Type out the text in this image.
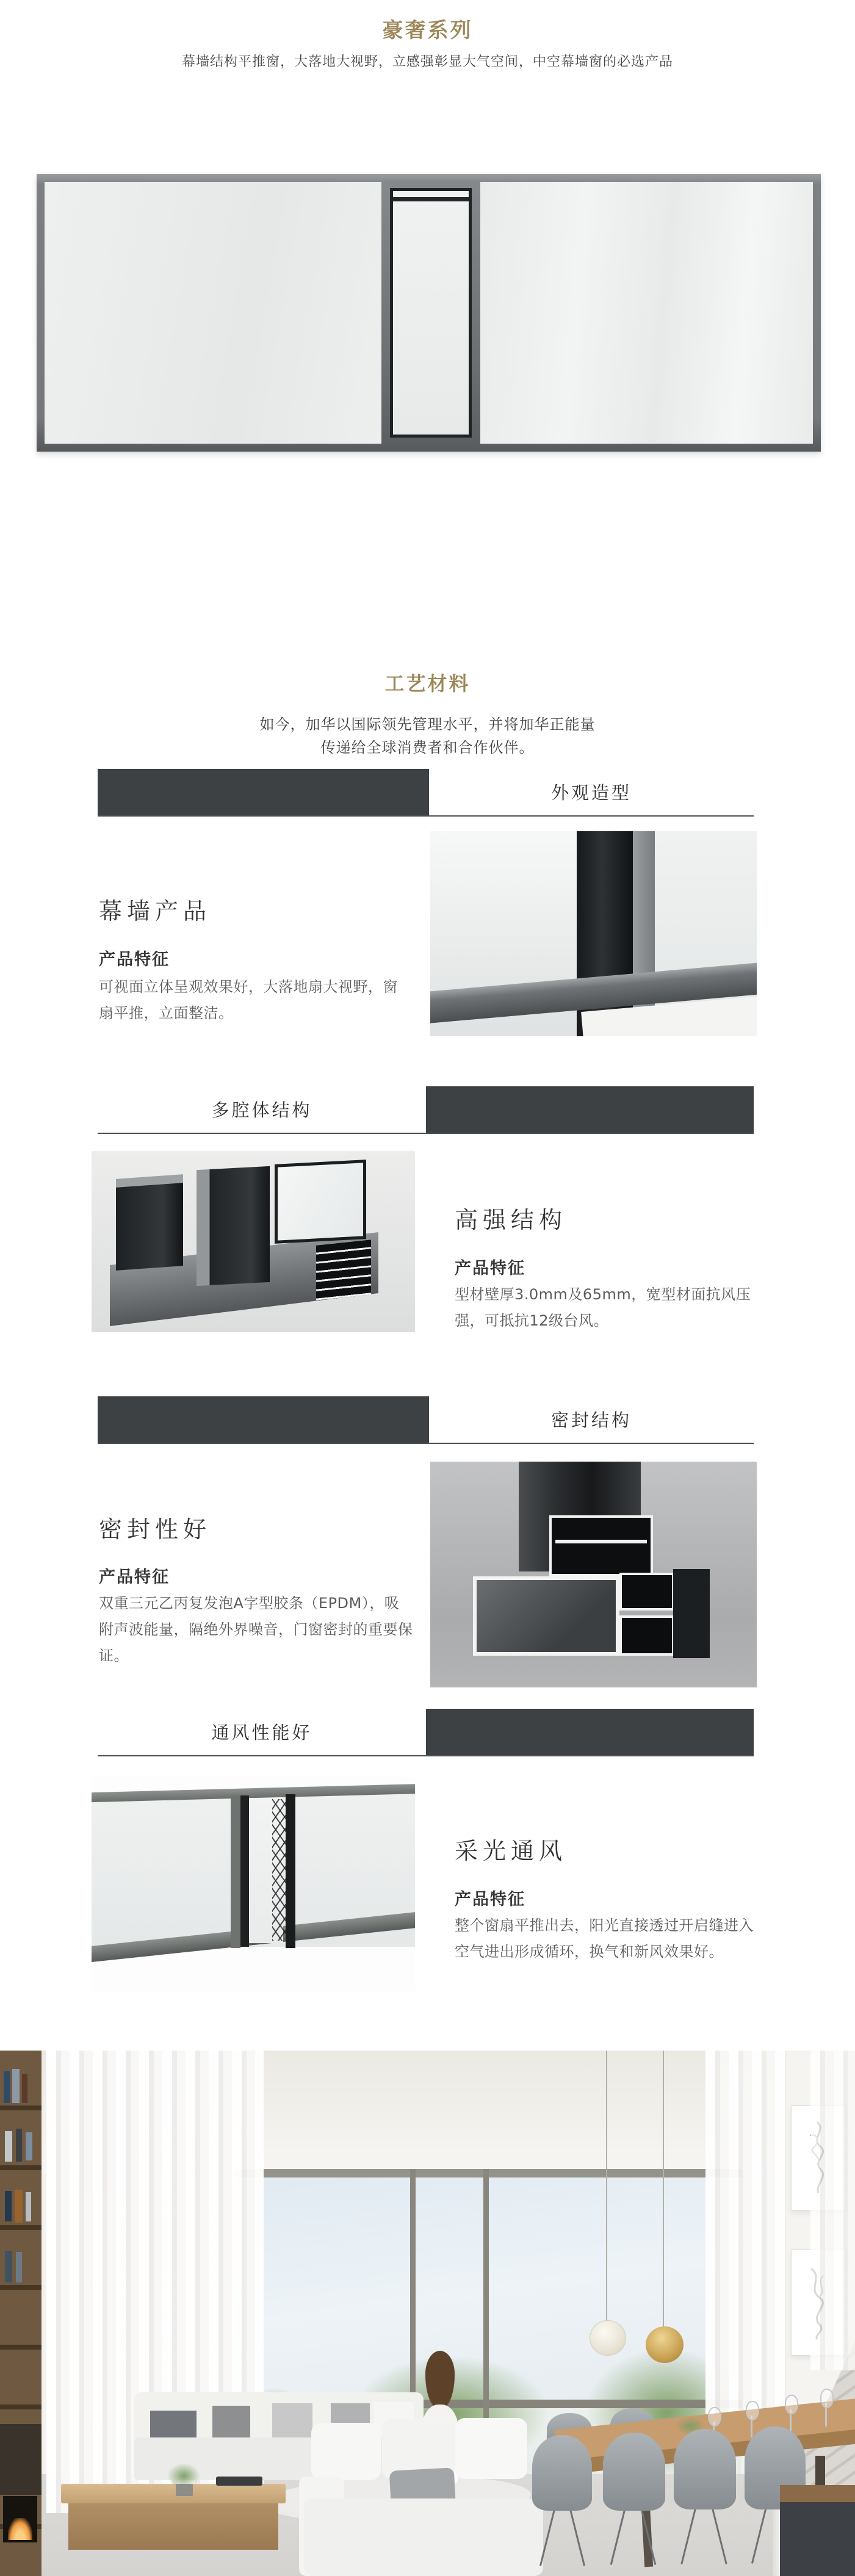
豪奢系列
幕墙结构平推窗，大落地大视野，立感强彰显大气空间，中空幕墙窗的必选产品
工艺材料
如今，加华以国际领先管理水平，并将加华正能量
传递给全球消费者和合作伙伴。
外观造型
幕墙产品
产品特征
可视面立体呈观效果好，大落地扇大视野，窗扇平推，立面整洁。
多腔体结构
高强结构
产品特征
型材壁厚3.0mm及65mm，宽型材面抗风压强，可抵抗12级台风。
密封结构
密封性好
产品特征
双重三元乙丙复发泡A字型胶条（EPDM），吸附声波能量，隔绝外界噪音，门窗密封的重要保证。
通风性能好
采光通风
产品特征
整个窗扇平推出去，阳光直接透过开启缝进入空气进出形成循环，换气和新风效果好。
